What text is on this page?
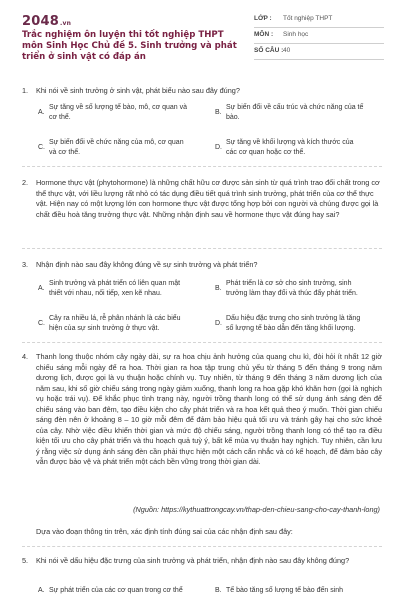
2048.vn
Trắc nghiệm ôn luyện thi tốt nghiệp THPT môn Sinh Học Chủ đề 5. Sinh trưởng và phát triển ở sinh vật có đáp án
LỚP : Tốt nghiệp THPT
MÔN : Sinh học
SỐ CÂU : 40
1. Khi nói về sinh trưởng ở sinh vật, phát biểu nào sau đây đúng?
A.
Sự tăng về số lượng tế bào, mô, cơ quan và cơ thể.
B.
Sự biến đổi về cấu trúc và chức năng của tế bào.
C.
Sự biến đổi về chức năng của mô, cơ quan và cơ thể.
D.
Sự tăng về khối lượng và kích thước của các cơ quan hoặc cơ thể.
2. Hormone thực vật (phytohormone) là những chất hữu cơ được sản sinh từ quá trình trao đổi chất trong cơ thể thực vật, với liều lượng rất nhỏ có tác dụng điều tiết quá trình sinh trưởng, phát triển của cơ thể thực vật. Hiện nay có một lượng lớn con hormone thực vật được tổng hợp bởi con người và chúng được gọi là chất điều hoà tăng trưởng thực vật. Những nhận định sau về hormone thực vật đúng hay sai?
3. Nhận định nào sau đây không đúng về sự sinh trưởng và phát triển?
A.
Sinh trưởng và phát triển có liên quan mật thiết với nhau, nối tiếp, xen kẽ nhau.
B.
Phát triển là cơ sở cho sinh trưởng, sinh trưởng làm thay đổi và thúc đẩy phát triển.
C.
Cây ra nhiều lá, rễ phân nhánh là các biểu hiện của sự sinh trưởng ở thực vật.
D.
Dấu hiệu đặc trưng cho sinh trưởng là tăng số lượng tế bào dẫn đến tăng khối lượng.
4. Thanh long thuộc nhóm cây ngày dài, sự ra hoa chịu ảnh hưởng của quang chu kì, đòi hỏi ít nhất 12 giờ chiếu sáng mỗi ngày để ra hoa. Thời gian ra hoa tập trung chủ yếu từ tháng 5 đến tháng 9 trong năm dương lịch, được gọi là vụ thuận hoặc chính vụ. Tuy nhiên, từ tháng 9 đến tháng 3 năm dương lịch của năm sau, khi số giờ chiếu sáng trong ngày giảm xuống, thanh long ra hoa gặp khó khăn hơn (gọi là nghịch vụ hoặc trái vụ). Để khắc phục tình trạng này, người trồng thanh long có thể sử dụng ánh sáng đèn để chiếu sáng vào ban đêm, tạo điều kiện cho cây phát triển và ra hoa kết quả theo ý muốn. Thời gian chiếu sáng đèn nên ở khoảng 8 – 10 giờ mỗi đêm để đảm bảo hiệu quả tối ưu và tránh gây hại cho sức khoẻ của cây. Nhờ việc điều khiển thời gian và mức độ chiếu sáng, người trồng thanh long có thể tạo ra điều kiện tối ưu cho cây phát triển và thu hoạch quả tuỳ ý, bất kể mùa vụ thuận hay nghịch. Tuy nhiên, cần lưu ý rằng việc sử dụng ánh sáng đèn cần phải thực hiện một cách cẩn nhắc và có kế hoạch, để đảm bảo cây vẫn được bảo vệ và phát triển một cách bền vững trong thời gian dài.
(Nguồn: https://kythuattrongcay.vn/thap-den-chieu-sang-cho-cay-thanh-long)
Dựa vào đoạn thông tin trên, xác định tính đúng sai của các nhận định sau đây:
5. Khi nói về dấu hiệu đặc trưng của sinh trưởng và phát triển, nhận định nào sau đây không đúng?
A. Sự phát triển của các cơ quan trong cơ thể	B. Tế bào tăng số lượng tế bào đến sinh
